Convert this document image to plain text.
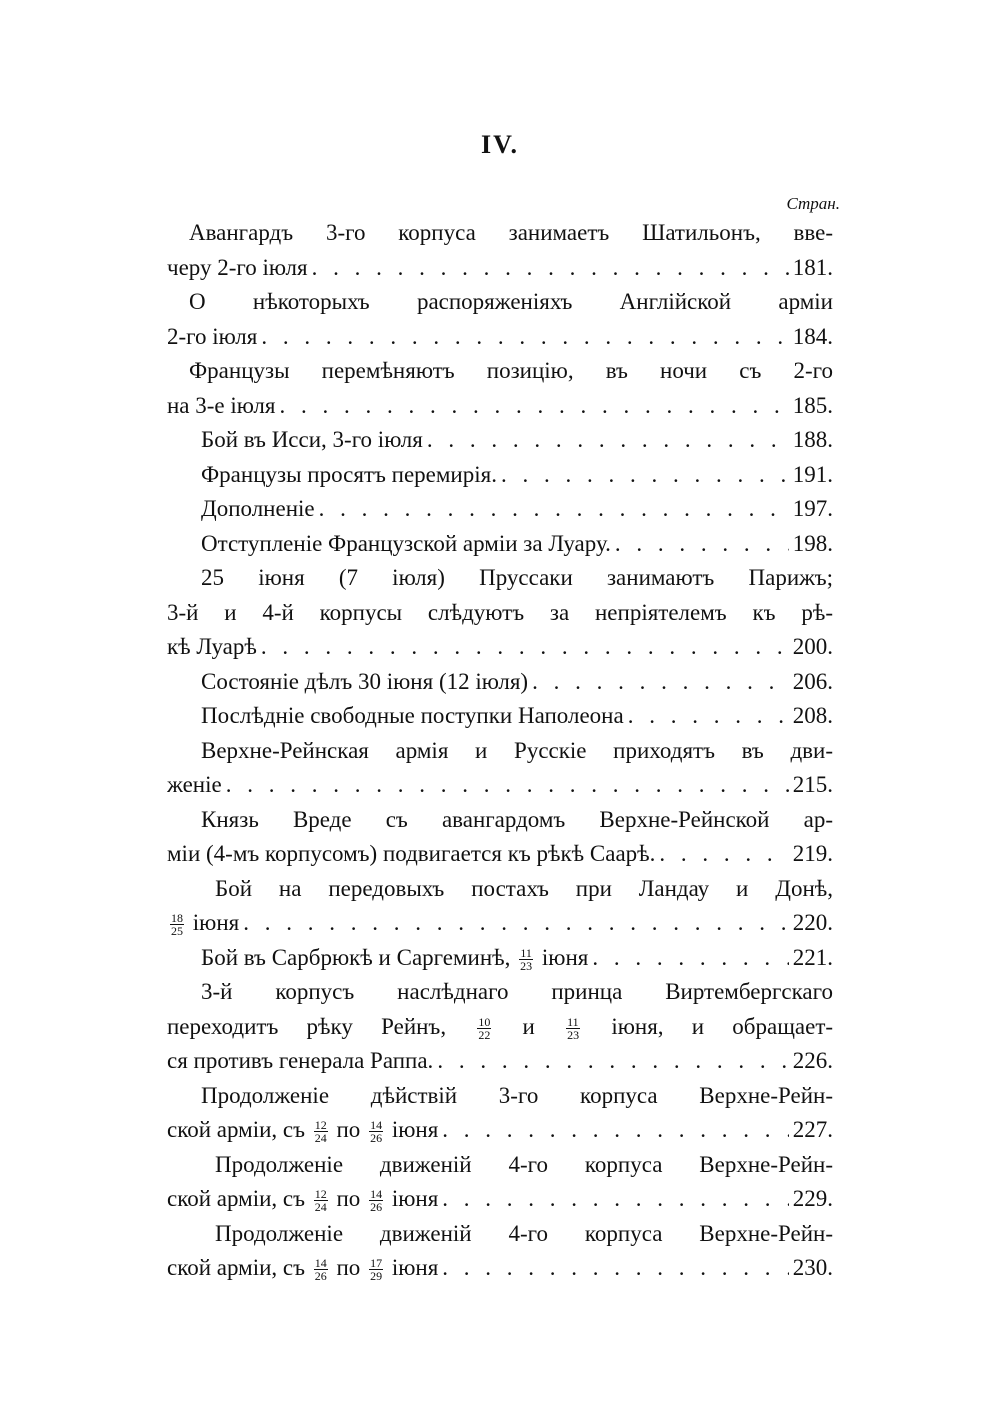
IV.
Стран.
Авангардъ 3-го корпуса занимаетъ Шатильонъ, вве-
черу 2-го іюля . . .	181.
О нѣкоторыхъ распоряженіяхъ Англійской арміи
2-го іюля . . .	184.
Французы перемѣняютъ позицію, въ ночи съ 2-го
на 3-е іюля . . .	185.
Бой въ Исси, 3-го іюля . . .	188.
Французы просятъ перемирія. . . .	191.
Дополненіе . . .	197.
Отступленіе Французской арміи за Луару. . . .	198.
25 іюня (7 іюля) Пруссаки занимаютъ Парижъ;
3-й и 4-й корпусы слѣдуютъ за непріятелемъ къ рѣ-
кѣ Луарѣ . . .	200.
Состояніе дѣлъ 30 іюня (12 іюля) . . .	206.
Послѣдніе свободные поступки Наполеона . . .	208.
Верхне-Рейнская армія и Русскіе приходятъ въ дви-
женіе . . .	215.
Князь Вреде съ авангардомъ Верхне-Рейнской ар-
міи (4-мъ корпусомъ) подвигается къ рѣкѣ Саарѣ. . . .	219.
Бой на передовыхъ постахъ при Ландау и Донѣ,
$\frac{18}{25}$ іюня . . .	220.
Бой въ Сарбрюкѣ и Саргеминѣ, $\frac{11}{23}$ іюня . . .	221.
3-й корпусъ наслѣднаго принца Виртембергскаго
переходитъ рѣку Рейнъ,	$\frac{10}{22}$ и	$\frac{11}{23}$ іюня, и обращает-
ся противъ генерала Раппа. . . .	226.
Продолженіе дѣйствій 3-го корпуса Верхне-Рейн-
ской арміи, съ $\frac{12}{24}$ по $\frac{14}{26}$ іюня . . .	227.
Продолженіе движеній 4-го корпуса Верхне-Рейн-
ской арміи, съ $\frac{12}{24}$ по $\frac{14}{26}$ іюня . . .	229.
Продолженіе движеній 4-го корпуса Верхне-Рейн-
ской арміи, съ $\frac{14}{26}$ по $\frac{17}{29}$ іюня . . .	230.
